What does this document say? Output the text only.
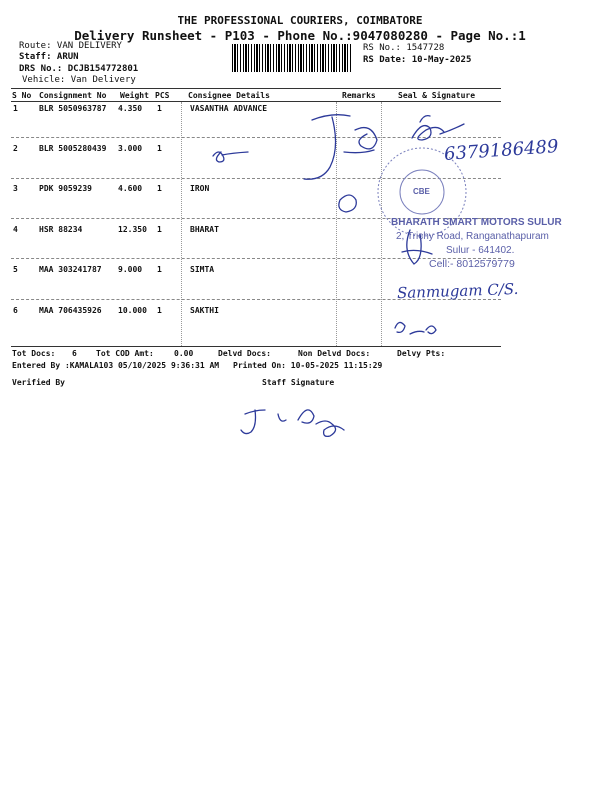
THE PROFESSIONAL COURIERS, COIMBATORE
Delivery Runsheet - P103 - Phone No.:9047080280 - Page No.:1
Route: VAN DELIVERY
Staff: ARUN
DRS No.: DCJB154772801
Vehicle: Van Delivery
RS No.: 1547728
RS Date: 10-May-2025
S No Consignment No Weight PCS Consignee Details	Remarks	Seal & Signature
1	BLR 5050963787 4.350 1	VASANTHA ADVANCE
2	BLR 5005280439 3.000 1
3	PDK 9059239	4.600 1	IRON
4	HSR 88234	12.350 1	BHARAT
5	MAA 303241787 9.000 1	SIMTA
6	MAA 706435926 10.000 1	SAKTHI
Tot Docs: 6 Tot COD Amt:	0.00	Delvd Docs:	Non Delvd Docs:	Delvy Pts:
Entered By :KAMALA103 05/10/2025 9:36:31 AM Printed On: 10-05-2025 11:15:29
Verified By	Staff Signature
6379186489
Sanmugam C/S.
CBE
BHARATH SMART MOTORS SULUR
2, Trichy Road, Ranganathapuram
Sulur - 641402.
Cell:- 8012579779
